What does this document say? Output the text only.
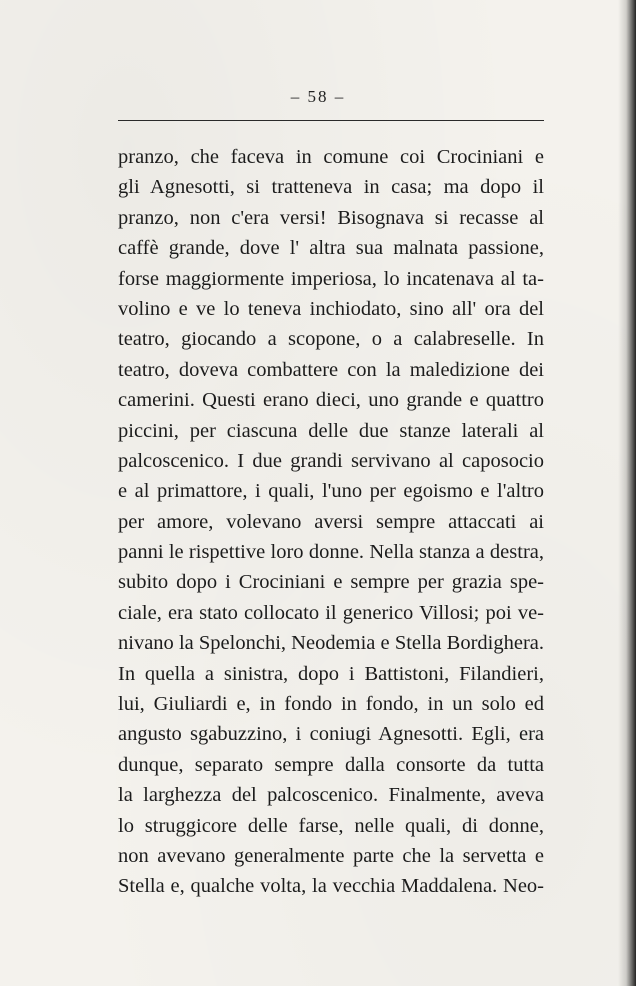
– 58 –
pranzo, che faceva in comune coi Crociniani e
gli Agnesotti, si tratteneva in casa; ma dopo il
pranzo, non c'era versi! Bisognava si recasse al
caffè grande, dove l' altra sua malnata passione,
forse maggiormente imperiosa, lo incatenava al ta-
volino e ve lo teneva inchiodato, sino all' ora del
teatro, giocando a scopone, o a calabreselle. In
teatro, doveva combattere con la maledizione dei
camerini. Questi erano dieci, uno grande e quattro
piccini, per ciascuna delle due stanze laterali al
palcoscenico. I due grandi servivano al caposocio
e al primattore, i quali, l'uno per egoismo e l'altro
per amore, volevano aversi sempre attaccati ai
panni le rispettive loro donne. Nella stanza a destra,
subito dopo i Crociniani e sempre per grazia spe-
ciale, era stato collocato il generico Villosi; poi ve-
nivano la Spelonchi, Neodemia e Stella Bordighera.
In quella a sinistra, dopo i Battistoni, Filandieri,
lui, Giuliardi e, in fondo in fondo, in un solo ed
angusto sgabuzzino, i coniugi Agnesotti. Egli, era
dunque, separato sempre dalla consorte da tutta
la larghezza del palcoscenico. Finalmente, aveva
lo struggicore delle farse, nelle quali, di donne,
non avevano generalmente parte che la servetta e
Stella e, qualche volta, la vecchia Maddalena. Neo-
